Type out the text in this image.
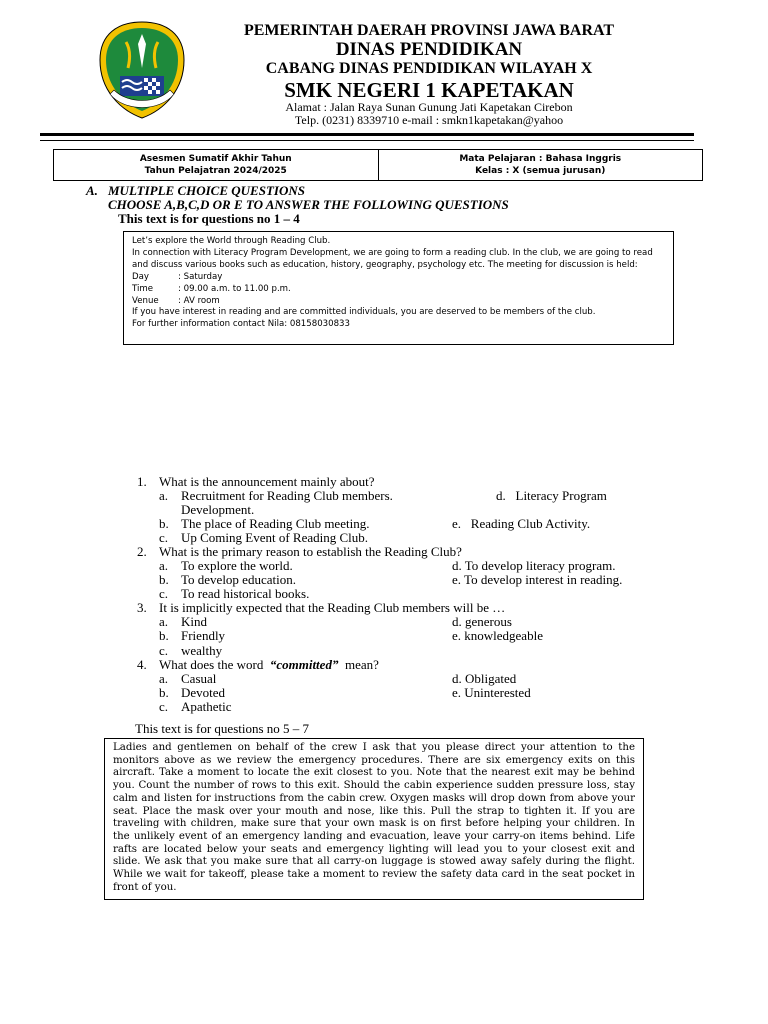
PEMERINTAH DAERAH PROVINSI JAWA BARAT
DINAS PENDIDIKAN
CABANG DINAS PENDIDIKAN WILAYAH X
SMK NEGERI 1 KAPETAKAN
Alamat : Jalan Raya Sunan Gunung Jati Kapetakan Cirebon
Telp. (0231) 8339710 e-mail : smkn1kapetakan@yahoo
Asesmen Sumatif Akhir Tahun
Tahun Pelajatran 2024/2025
Mata Pelajaran : Bahasa Inggris
Kelas : X (semua jurusan)
A. MULTIPLE CHOICE QUESTIONS
CHOOSE A,B,C,D OR E TO ANSWER THE FOLLOWING QUESTIONS
This text is for questions no 1 – 4

Let’s explore the World through Reading Club.

In connection with Literacy Program Development, we are going to form a reading club. In the club, we are going to read and discuss various books such as education, history, geography, psychology etc. The meeting for discussion is held:

Day	: Saturday

Time	: 09.00 a.m. to 11.00 p.m.

Venue : AV room

If you have interest in reading and are committed individuals, you are deserved to be members of the club.

For further information contact Nila: 08158030833

1. What is the announcement mainly about?
a. Recruitment for Reading Club members.	d. Literacy Program
Development.
b. The place of Reading Club meeting.	e. Reading Club Activity.
c. Up Coming Event of Reading Club.
2. What is the primary reason to establish the Reading Club?
a. To explore the world.	d. To develop literacy program.
b. To develop education.	e. To develop interest in reading.
c. To read historical books.
3. It is implicitly expected that the Reading Club members will be …
a. Kind	d. generous
b. Friendly	e. knowledgeable
c. wealthy
4. What does the word “committed” mean?
a. Casual	d. Obligated
b. Devoted	e. Uninterested
c. Apathetic
This text is for questions no 5 – 7
Ladies and gentlemen on behalf of the crew I ask that you please direct your attention to the monitors above as we review the emergency procedures. There are six emergency exits on this aircraft. Take a moment to locate the exit closest to you. Note that the nearest exit may be behind you. Count the number of rows to this exit. Should the cabin experience sudden pressure loss, stay calm and listen for instructions from the cabin crew. Oxygen masks will drop down from above your seat. Place the mask over your mouth and nose, like this. Pull the strap to tighten it. If you are traveling with children, make sure that your own mask is on first before helping your children. In the unlikely event of an emergency landing and evacuation, leave your carry-on items behind. Life rafts are located below your seats and emergency lighting will lead you to your closest exit and slide. We ask that you make sure that all carry-on luggage is stowed away safely during the flight. While we wait for takeoff, please take a moment to review the safety data card in the seat pocket in front of you.
